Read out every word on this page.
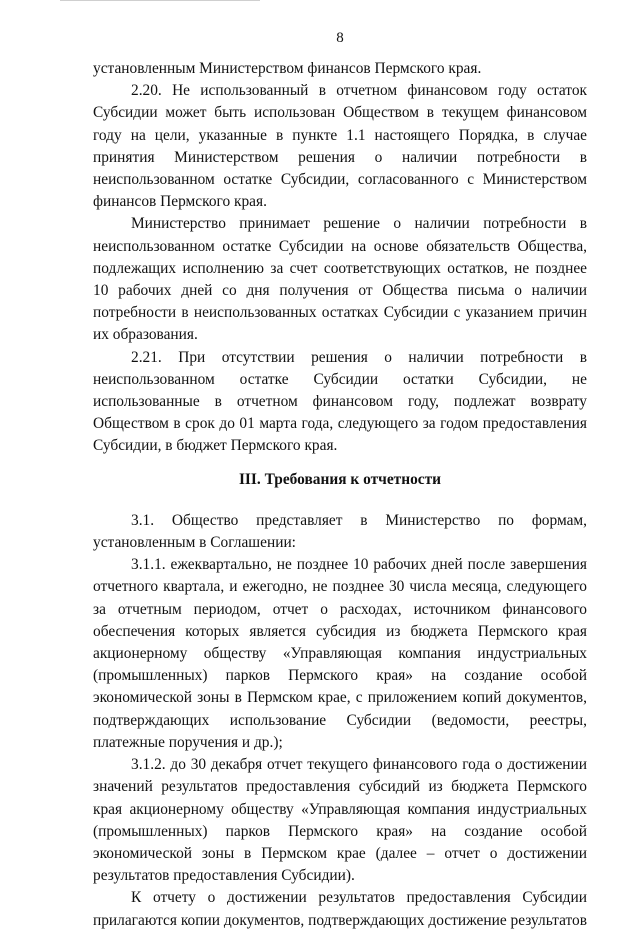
8

установленным Министерством финансов Пермского края.

2.20. Не использованный в отчетном финансовом году остаток Субсидии может быть использован Обществом в текущем финансовом году на цели, указанные в пункте 1.1 настоящего Порядка, в случае принятия Министерством решения о наличии потребности в неиспользованном остатке Субсидии, согласованного с Министерством финансов Пермского края.

Министерство принимает решение о наличии потребности в неиспользованном остатке Субсидии на основе обязательств Общества, подлежащих исполнению за счет соответствующих остатков, не позднее 10 рабочих дней со дня получения от Общества письма о наличии потребности в неиспользованных остатках Субсидии с указанием причин их образования.

2.21. При отсутствии решения о наличии потребности в неиспользованном остатке Субсидии остатки Субсидии, не использованные в отчетном финансовом году, подлежат возврату Обществом в срок до 01 марта года, следующего за годом предоставления Субсидии, в бюджет Пермского края.

III. Требования к отчетности

3.1. Общество представляет в Министерство по формам, установленным в Соглашении:

3.1.1. ежеквартально, не позднее 10 рабочих дней после завершения отчетного квартала, и ежегодно, не позднее 30 числа месяца, следующего за отчетным периодом, отчет о расходах, источником финансового обеспечения которых является субсидия из бюджета Пермского края акционерному обществу «Управляющая компания индустриальных (промышленных) парков Пермского края» на создание особой экономической зоны в Пермском крае, с приложением копий документов, подтверждающих использование Субсидии (ведомости, реестры, платежные поручения и др.);

3.1.2. до 30 декабря отчет текущего финансового года о достижении значений результатов предоставления субсидий из бюджета Пермского края акционерному обществу «Управляющая компания индустриальных (промышленных) парков Пермского края» на создание особой экономической зоны в Пермском крае (далее – отчет о достижении результатов предоставления Субсидии).

К отчету о достижении результатов предоставления Субсидии прилагаются копии документов, подтверждающих достижение результатов
